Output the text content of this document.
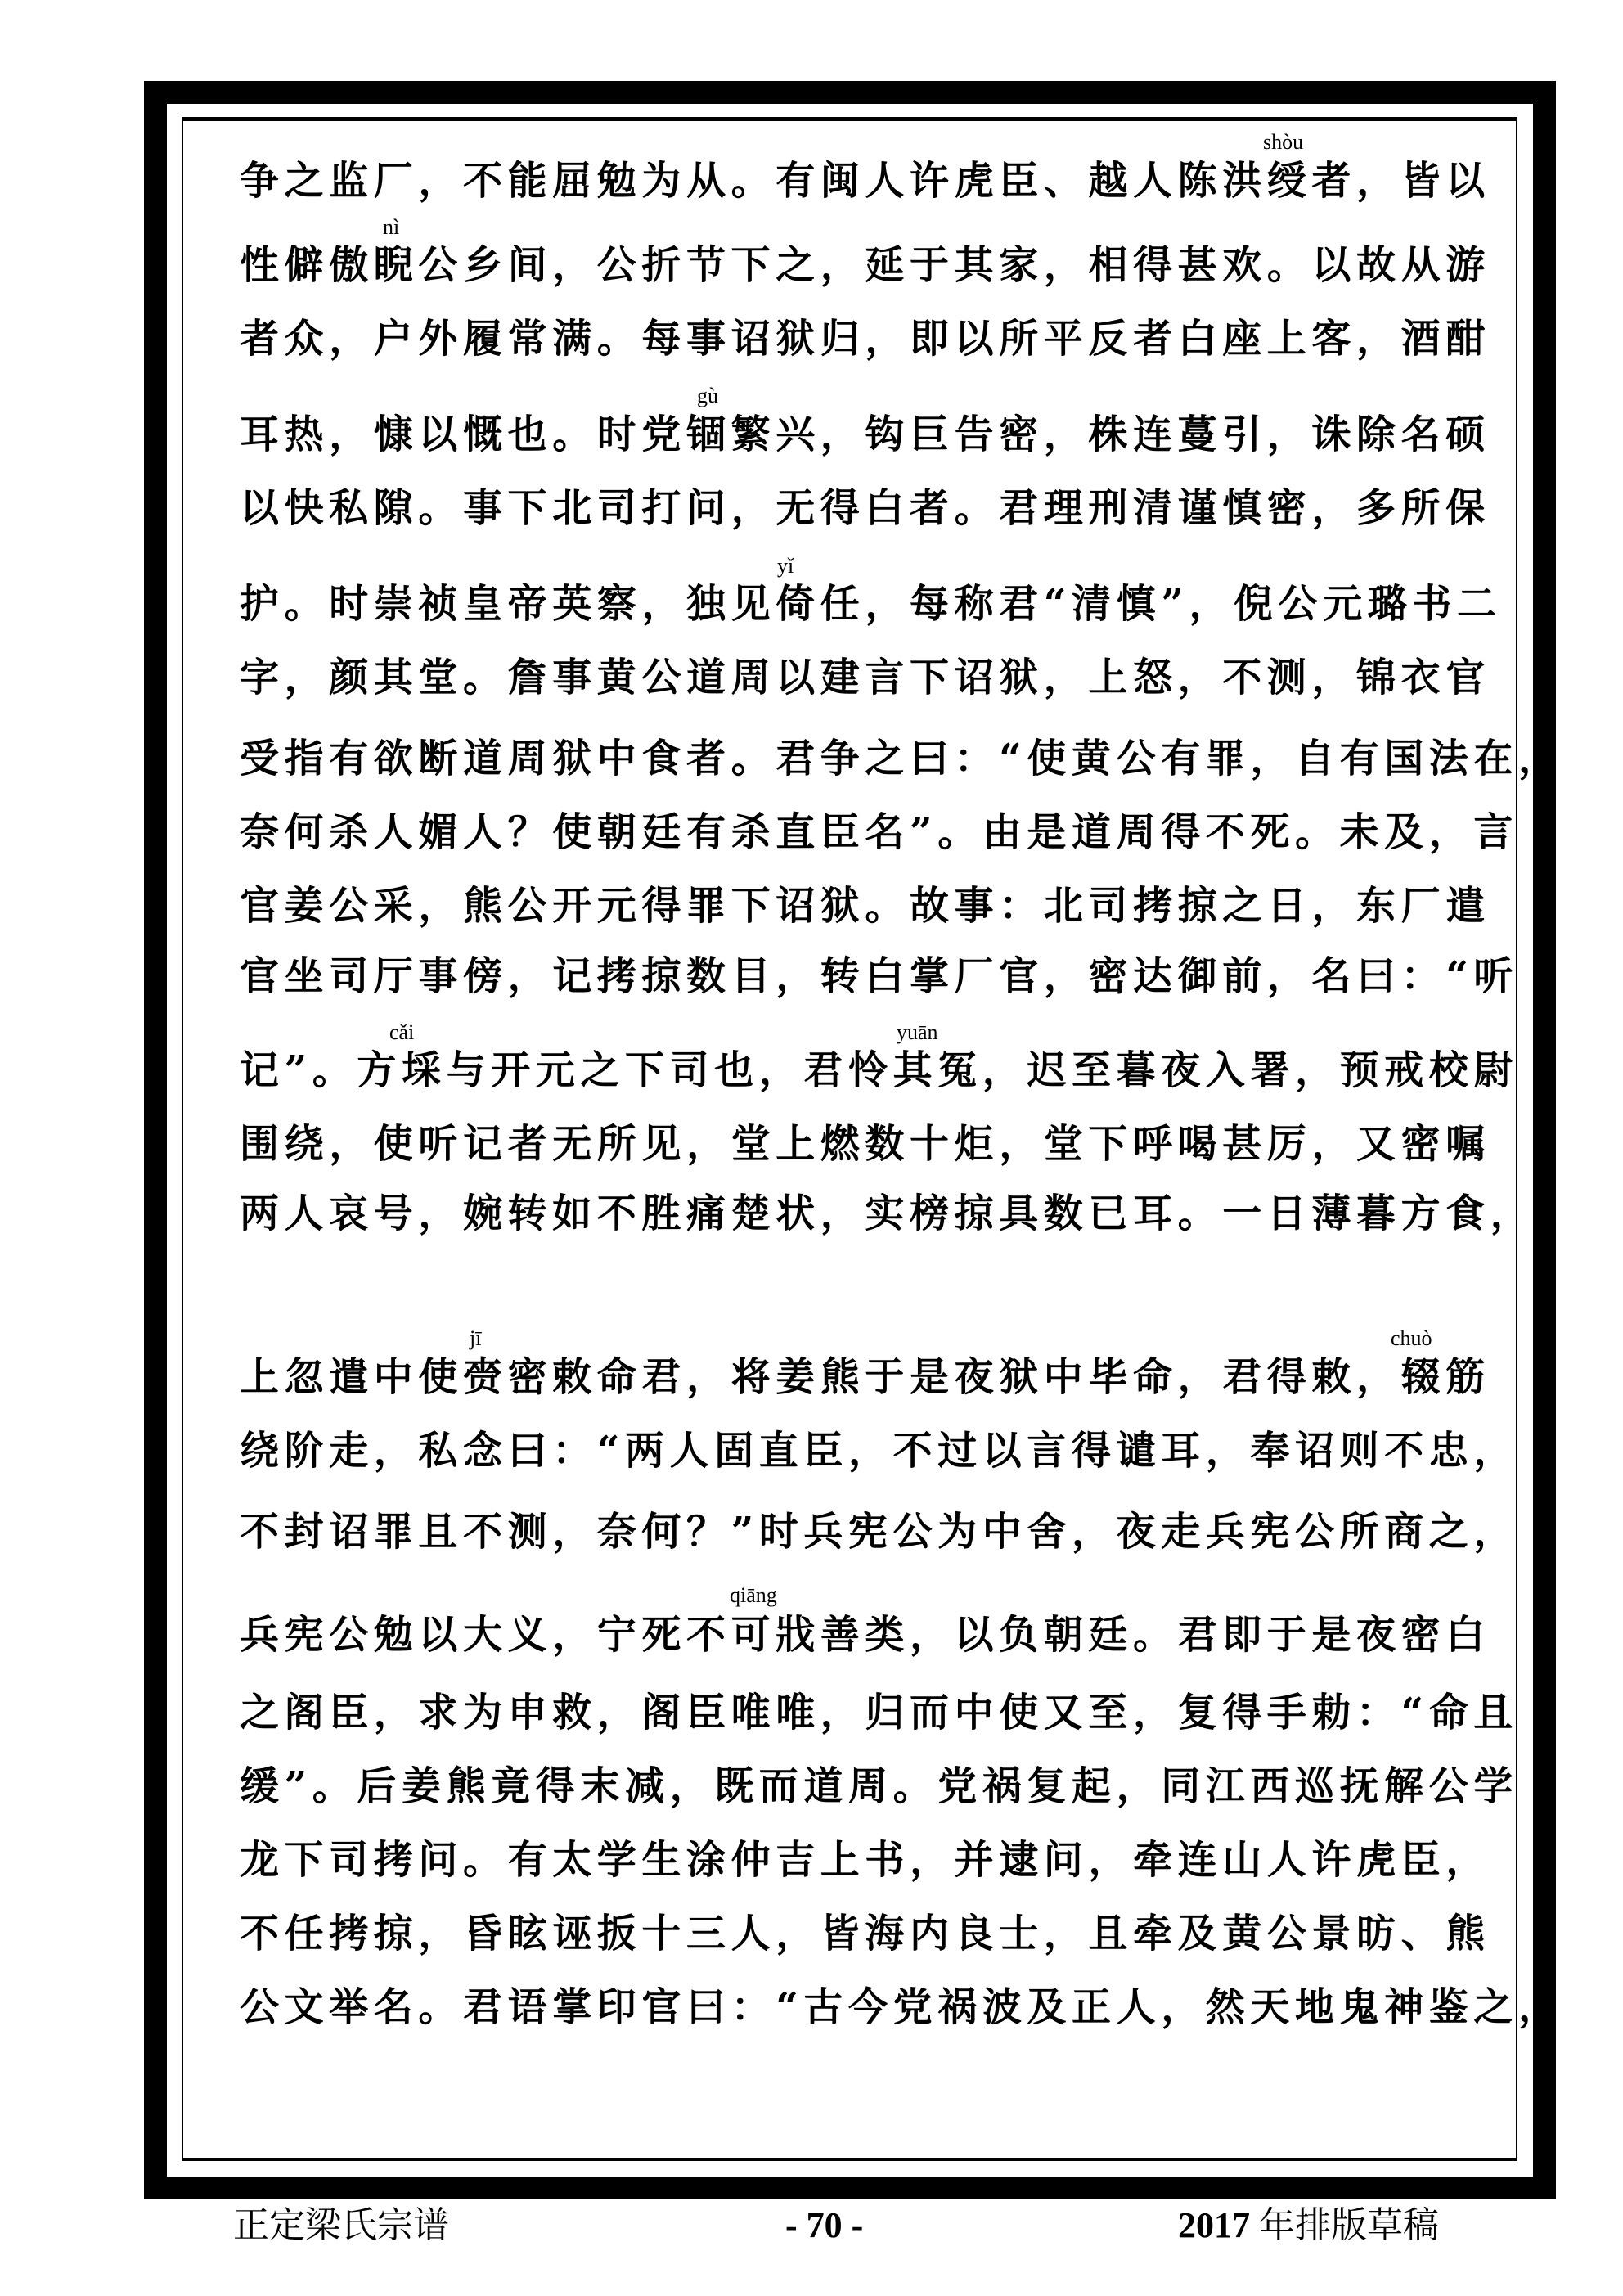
争之监厂，不能屈勉为从。有闽人许虎臣、越人陈洪绶者，皆以
性僻傲睨公乡间，公折节下之，延于其家，相得甚欢。以故从游
者众，户外履常满。每事诏狱归，即以所平反者白座上客，酒酣
耳热，慷以慨也。时党锢繁兴，钩巨告密，株连蔓引，诛除名硕
以快私隙。事下北司打问，无得白者。君理刑清谨慎密，多所保
护。时崇祯皇帝英察，独见倚任，每称君“清慎”，倪公元璐书二
字，颜其堂。詹事黄公道周以建言下诏狱，上怒，不测，锦衣官
受指有欲断道周狱中食者。君争之曰：“使黄公有罪，自有国法在，
奈何杀人媚人？使朝廷有杀直臣名”。由是道周得不死。未及，言
官姜公采，熊公开元得罪下诏狱。故事：北司拷掠之日，东厂遣
官坐司厅事傍，记拷掠数目，转白掌厂官，密达御前，名曰：“听
记”。方埰与开元之下司也，君怜其冤，迟至暮夜入署，预戒校尉
围绕，使听记者无所见，堂上燃数十炬，堂下呼喝甚厉，又密嘱
两人哀号，婉转如不胜痛楚状，实榜掠具数已耳。一日薄暮方食，
上忽遣中使赍密敕命君，将姜熊于是夜狱中毕命，君得敕，辍筋
绕阶走，私念曰：“两人固直臣，不过以言得谴耳，奉诏则不忠，
不封诏罪且不测，奈何？”时兵宪公为中舍，夜走兵宪公所商之，
兵宪公勉以大义，宁死不可戕善类，以负朝廷。君即于是夜密白
之阁臣，求为申救，阁臣唯唯，归而中使又至，复得手勅：“命且
缓”。后姜熊竟得末减，既而道周。党祸复起，同江西巡抚解公学
龙下司拷问。有太学生涂仲吉上书，并逮问，牵连山人许虎臣，
不任拷掠，昏眩诬扳十三人，皆海内良士，且牵及黄公景昉、熊
公文举名。君语掌印官曰：“古今党祸波及正人，然天地鬼神鉴之，
shòu
nì
gù
yǐ
cǎi	yuān
jī	chuò
qiāng
正定梁氏宗谱	- 70 -	2017 年排版草稿
